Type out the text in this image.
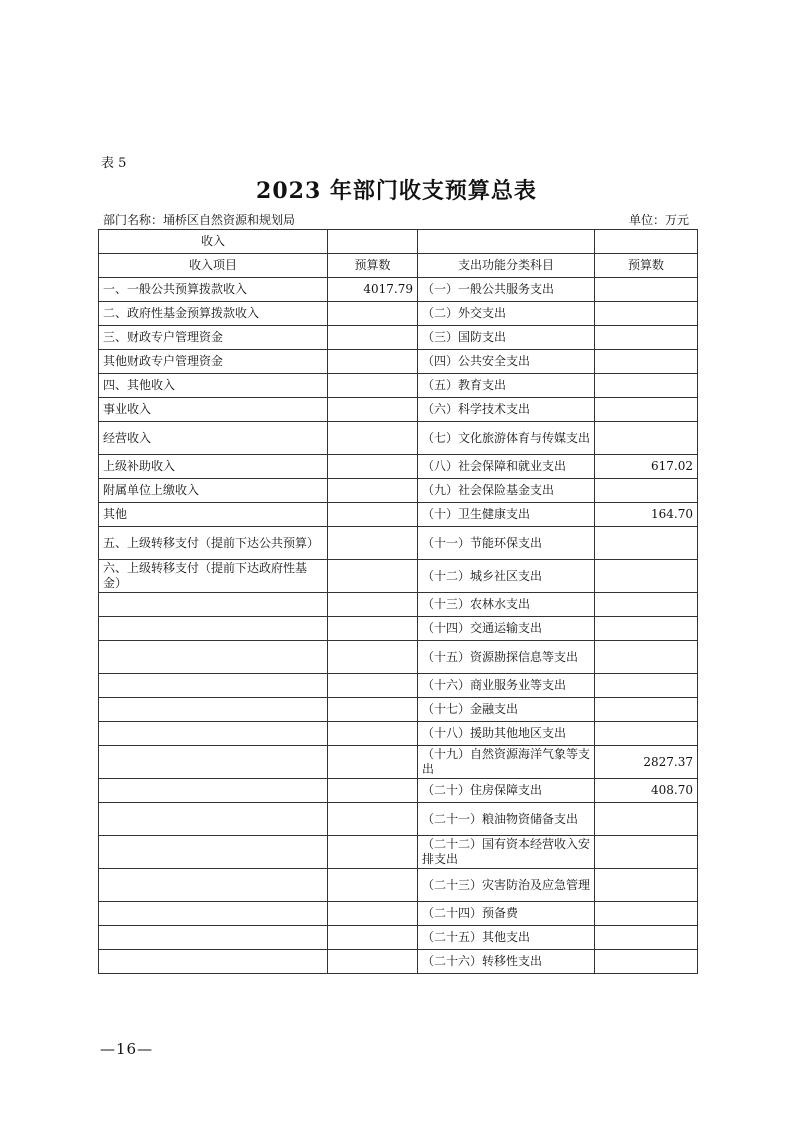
表 5
2023 年部门收支预算总表
部门名称：埇桥区自然资源和规划局	单位：万元
收入			
收入项目	预算数	支出功能分类科目	预算数
一、一般公共预算拨款收入	4017.79	（一）一般公共服务支出	
二、政府性基金预算拨款收入		（二）外交支出	
三、财政专户管理资金		（三）国防支出	
其他财政专户管理资金		（四）公共安全支出	
四、其他收入		（五）教育支出	
事业收入		（六）科学技术支出	
经营收入		（七）文化旅游体育与传媒支出	
上级补助收入		（八）社会保障和就业支出	617.02
附属单位上缴收入		（九）社会保险基金支出	
其他		（十）卫生健康支出	164.70
五、上级转移支付（提前下达公共预算）		（十一）节能环保支出	
六、上级转移支付（提前下达政府性基金）		（十二）城乡社区支出	
		（十三）农林水支出	
		（十四）交通运输支出	
		（十五）资源勘探信息等支出	
		（十六）商业服务业等支出	
		（十七）金融支出	
		（十八）援助其他地区支出	
		（十九）自然资源海洋气象等支出	2827.37
		（二十）住房保障支出	408.70
		（二十一）粮油物资储备支出	
		（二十二）国有资本经营收入安排支出	
		（二十三）灾害防治及应急管理	
		（二十四）预备费	
		（二十五）其他支出	
		（二十六）转移性支出	
—16—
